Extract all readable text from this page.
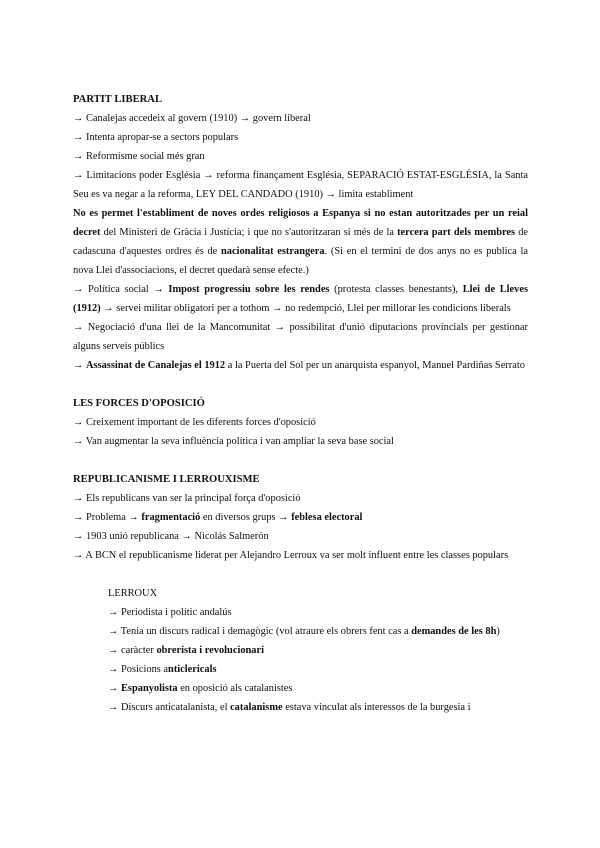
PARTIT LIBERAL
→ Canalejas accedeix al govern (1910) → govern liberal
→ Intenta apropar-se a sectors populars
→ Reformisme social més gran
→ Limitacions poder Església → reforma finançament Església, SEPARACIÓ ESTAT-ESGLÉSIA, la Santa Seu es va negar a la reforma, LEY DEL CANDADO (1910) → limita establiment
No es permet l'establiment de noves ordes religiosos a Espanya si no estan autoritzades per un reial decret del Ministeri de Gràcia i Justícia; i que no s'autoritzaran si més de la tercera part dels membres de cadascuna d'aquestes ordres és de nacionalitat estrangera. (Si en el termini de dos anys no es publica la nova Llei d'associacions, el decret quedarà sense efecte.)
→ Política social → Impost progressiu sobre les rendes (protesta classes benestants), Llei de Lleves (1912) → servei militar obligatori per a tothom → no redempció, Llei per millorar les condicions liberals
→ Negociació d'una llei de la Mancomunitat → possibilitat d'unió diputacions provincials per gestionar alguns serveis públics
→ Assassinat de Canalejas el 1912 a la Puerta del Sol per un anarquista espanyol, Manuel Pardiñas Serrato
LES FORCES D'OPOSICIÓ
→ Creixement important de les diferents forces d'oposició
→ Van augmentar la seva influència política i van ampliar la seva base social
REPUBLICANISME I LERROUXISME
→ Els republicans van ser la principal força d'oposició
→ Problema → fragmentació en diversos grups → feblesa electoral
→ 1903 unió republicana → Nicolás Salmerón
→ A BCN el republicanisme liderat per Alejandro Lerroux va ser molt influent entre les classes populars
LERROUX
→ Periodista i polític andalús
→ Tenia un discurs radical i demagògic (vol atraure els obrers fent cas a demandes de les 8h)
→ caràcter obrerista i revolucionari
→ Posicions anticlericals
→ Espanyolista en oposició als catalanistes
→ Discurs anticatalanista, el catalanisme estava vinculat als interessos de la burgesia i
